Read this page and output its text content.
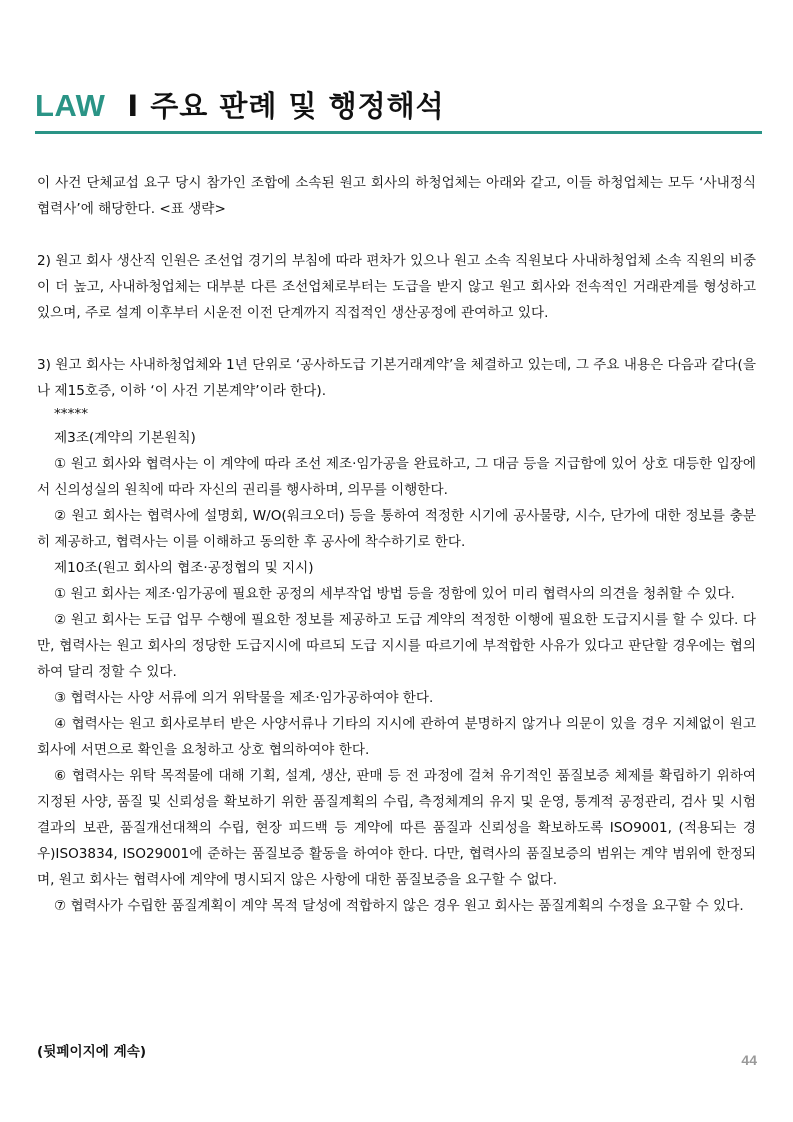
LAW I 주요 판례 및 행정해석

이 사건 단체교섭 요구 당시 참가인 조합에 소속된 원고 회사의 하청업체는 아래와 같고, 이들 하청업체는 모두 ‘사내정식협력사’에 해당한다. <표 생략>

2) 원고 회사 생산직 인원은 조선업 경기의 부침에 따라 편차가 있으나 원고 소속 직원보다 사내하청업체 소속 직원의 비중이 더 높고, 사내하청업체는 대부분 다른 조선업체로부터는 도급을 받지 않고 원고 회사와 전속적인 거래관계를 형성하고 있으며, 주로 설계 이후부터 시운전 이전 단계까지 직접적인 생산공정에 관여하고 있다.

3) 원고 회사는 사내하청업체와 1년 단위로 ‘공사하도급 기본거래계약’을 체결하고 있는데, 그 주요 내용은 다음과 같다(을나 제15호증, 이하 ‘이 사건 기본계약’이라 한다).

*****

제3조(계약의 기본원칙)

① 원고 회사와 협력사는 이 계약에 따라 조선 제조·임가공을 완료하고, 그 대금 등을 지급함에 있어 상호 대등한 입장에서 신의성실의 원칙에 따라 자신의 권리를 행사하며, 의무를 이행한다.

② 원고 회사는 협력사에 설명회, W/O(워크오더) 등을 통하여 적정한 시기에 공사물량, 시수, 단가에 대한 정보를 충분히 제공하고, 협력사는 이를 이해하고 동의한 후 공사에 착수하기로 한다.

제10조(원고 회사의 협조·공정협의 및 지시)

① 원고 회사는 제조·임가공에 필요한 공정의 세부작업 방법 등을 정함에 있어 미리 협력사의 의견을 청취할 수 있다.

② 원고 회사는 도급 업무 수행에 필요한 정보를 제공하고 도급 계약의 적정한 이행에 필요한 도급지시를 할 수 있다. 다만, 협력사는 원고 회사의 정당한 도급지시에 따르되 도급 지시를 따르기에 부적합한 사유가 있다고 판단할 경우에는 협의하여 달리 정할 수 있다.

③ 협력사는 사양 서류에 의거 위탁물을 제조·임가공하여야 한다.

④ 협력사는 원고 회사로부터 받은 사양서류나 기타의 지시에 관하여 분명하지 않거나 의문이 있을 경우 지체없이 원고 회사에 서면으로 확인을 요청하고 상호 협의하여야 한다.

⑥ 협력사는 위탁 목적물에 대해 기획, 설계, 생산, 판매 등 전 과정에 걸쳐 유기적인 품질보증 체제를 확립하기 위하여 지정된 사양, 품질 및 신뢰성을 확보하기 위한 품질계획의 수립, 측정체계의 유지 및 운영, 통계적 공정관리, 검사 및 시험결과의 보관, 품질개선대책의 수립, 현장 피드백 등 계약에 따른 품질과 신뢰성을 확보하도록 ISO9001, (적용되는 경우)ISO3834, ISO29001에 준하는 품질보증 활동을 하여야 한다. 다만, 협력사의 품질보증의 범위는 계약 범위에 한정되며, 원고 회사는 협력사에 계약에 명시되지 않은 사항에 대한 품질보증을 요구할 수 없다.

⑦ 협력사가 수립한 품질계획이 계약 목적 달성에 적합하지 않은 경우 원고 회사는 품질계획의 수정을 요구할 수 있다.

(뒷페이지에 계속)	44
